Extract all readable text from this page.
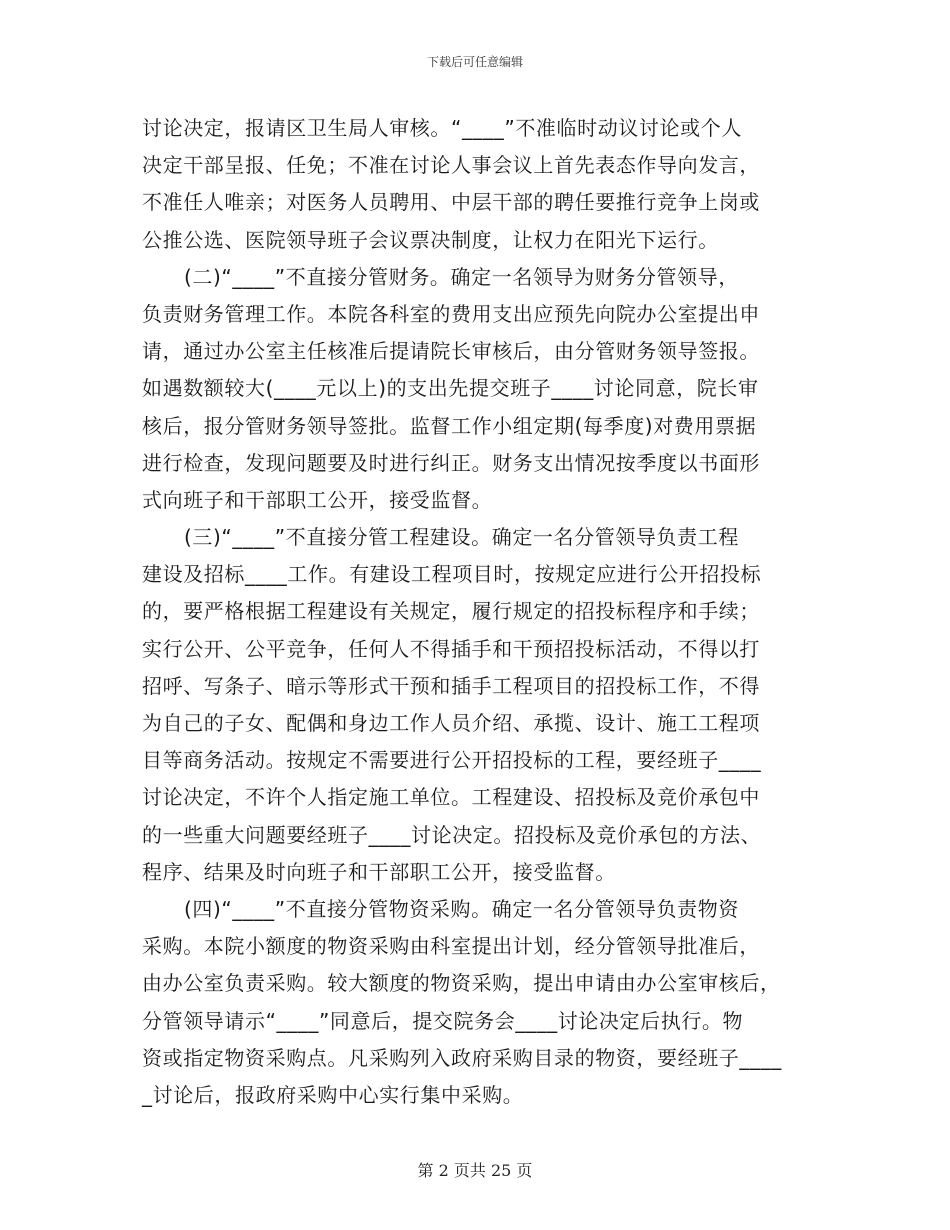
下载后可任意编辑
讨论决定，报请区卫生局人审核。“____”不准临时动议讨论或个人
决定干部呈报、任免；不准在讨论人事会议上首先表态作导向发言，
不准任人唯亲；对医务人员聘用、中层干部的聘任要推行竞争上岗或
公推公选、医院领导班子会议票决制度，让权力在阳光下运行。
(二)“____”不直接分管财务。确定一名领导为财务分管领导，
负责财务管理工作。本院各科室的费用支出应预先向院办公室提出申
请，通过办公室主任核准后提请院长审核后，由分管财务领导签报。
如遇数额较大(____元以上)的支出先提交班子____讨论同意，院长审
核后，报分管财务领导签批。监督工作小组定期(每季度)对费用票据
进行检查，发现问题要及时进行纠正。财务支出情况按季度以书面形
式向班子和干部职工公开，接受监督。
(三)“____”不直接分管工程建设。确定一名分管领导负责工程
建设及招标____工作。有建设工程项目时，按规定应进行公开招投标
的，要严格根据工程建设有关规定，履行规定的招投标程序和手续；
实行公开、公平竞争，任何人不得插手和干预招投标活动，不得以打
招呼、写条子、暗示等形式干预和插手工程项目的招投标工作，不得
为自己的子女、配偶和身边工作人员介绍、承揽、设计、施工工程项
目等商务活动。按规定不需要进行公开招投标的工程，要经班子____
讨论决定，不许个人指定施工单位。工程建设、招投标及竞价承包中
的一些重大问题要经班子____讨论决定。招投标及竞价承包的方法、
程序、结果及时向班子和干部职工公开，接受监督。
(四)“____”不直接分管物资采购。确定一名分管领导负责物资
采购。本院小额度的物资采购由科室提出计划，经分管领导批准后，
由办公室负责采购。较大额度的物资采购，提出申请由办公室审核后，
分管领导请示“____”同意后，提交院务会____讨论决定后执行。物
资或指定物资采购点。凡采购列入政府采购目录的物资，要经班子____
_讨论后，报政府采购中心实行集中采购。
第 2 页共 25 页
